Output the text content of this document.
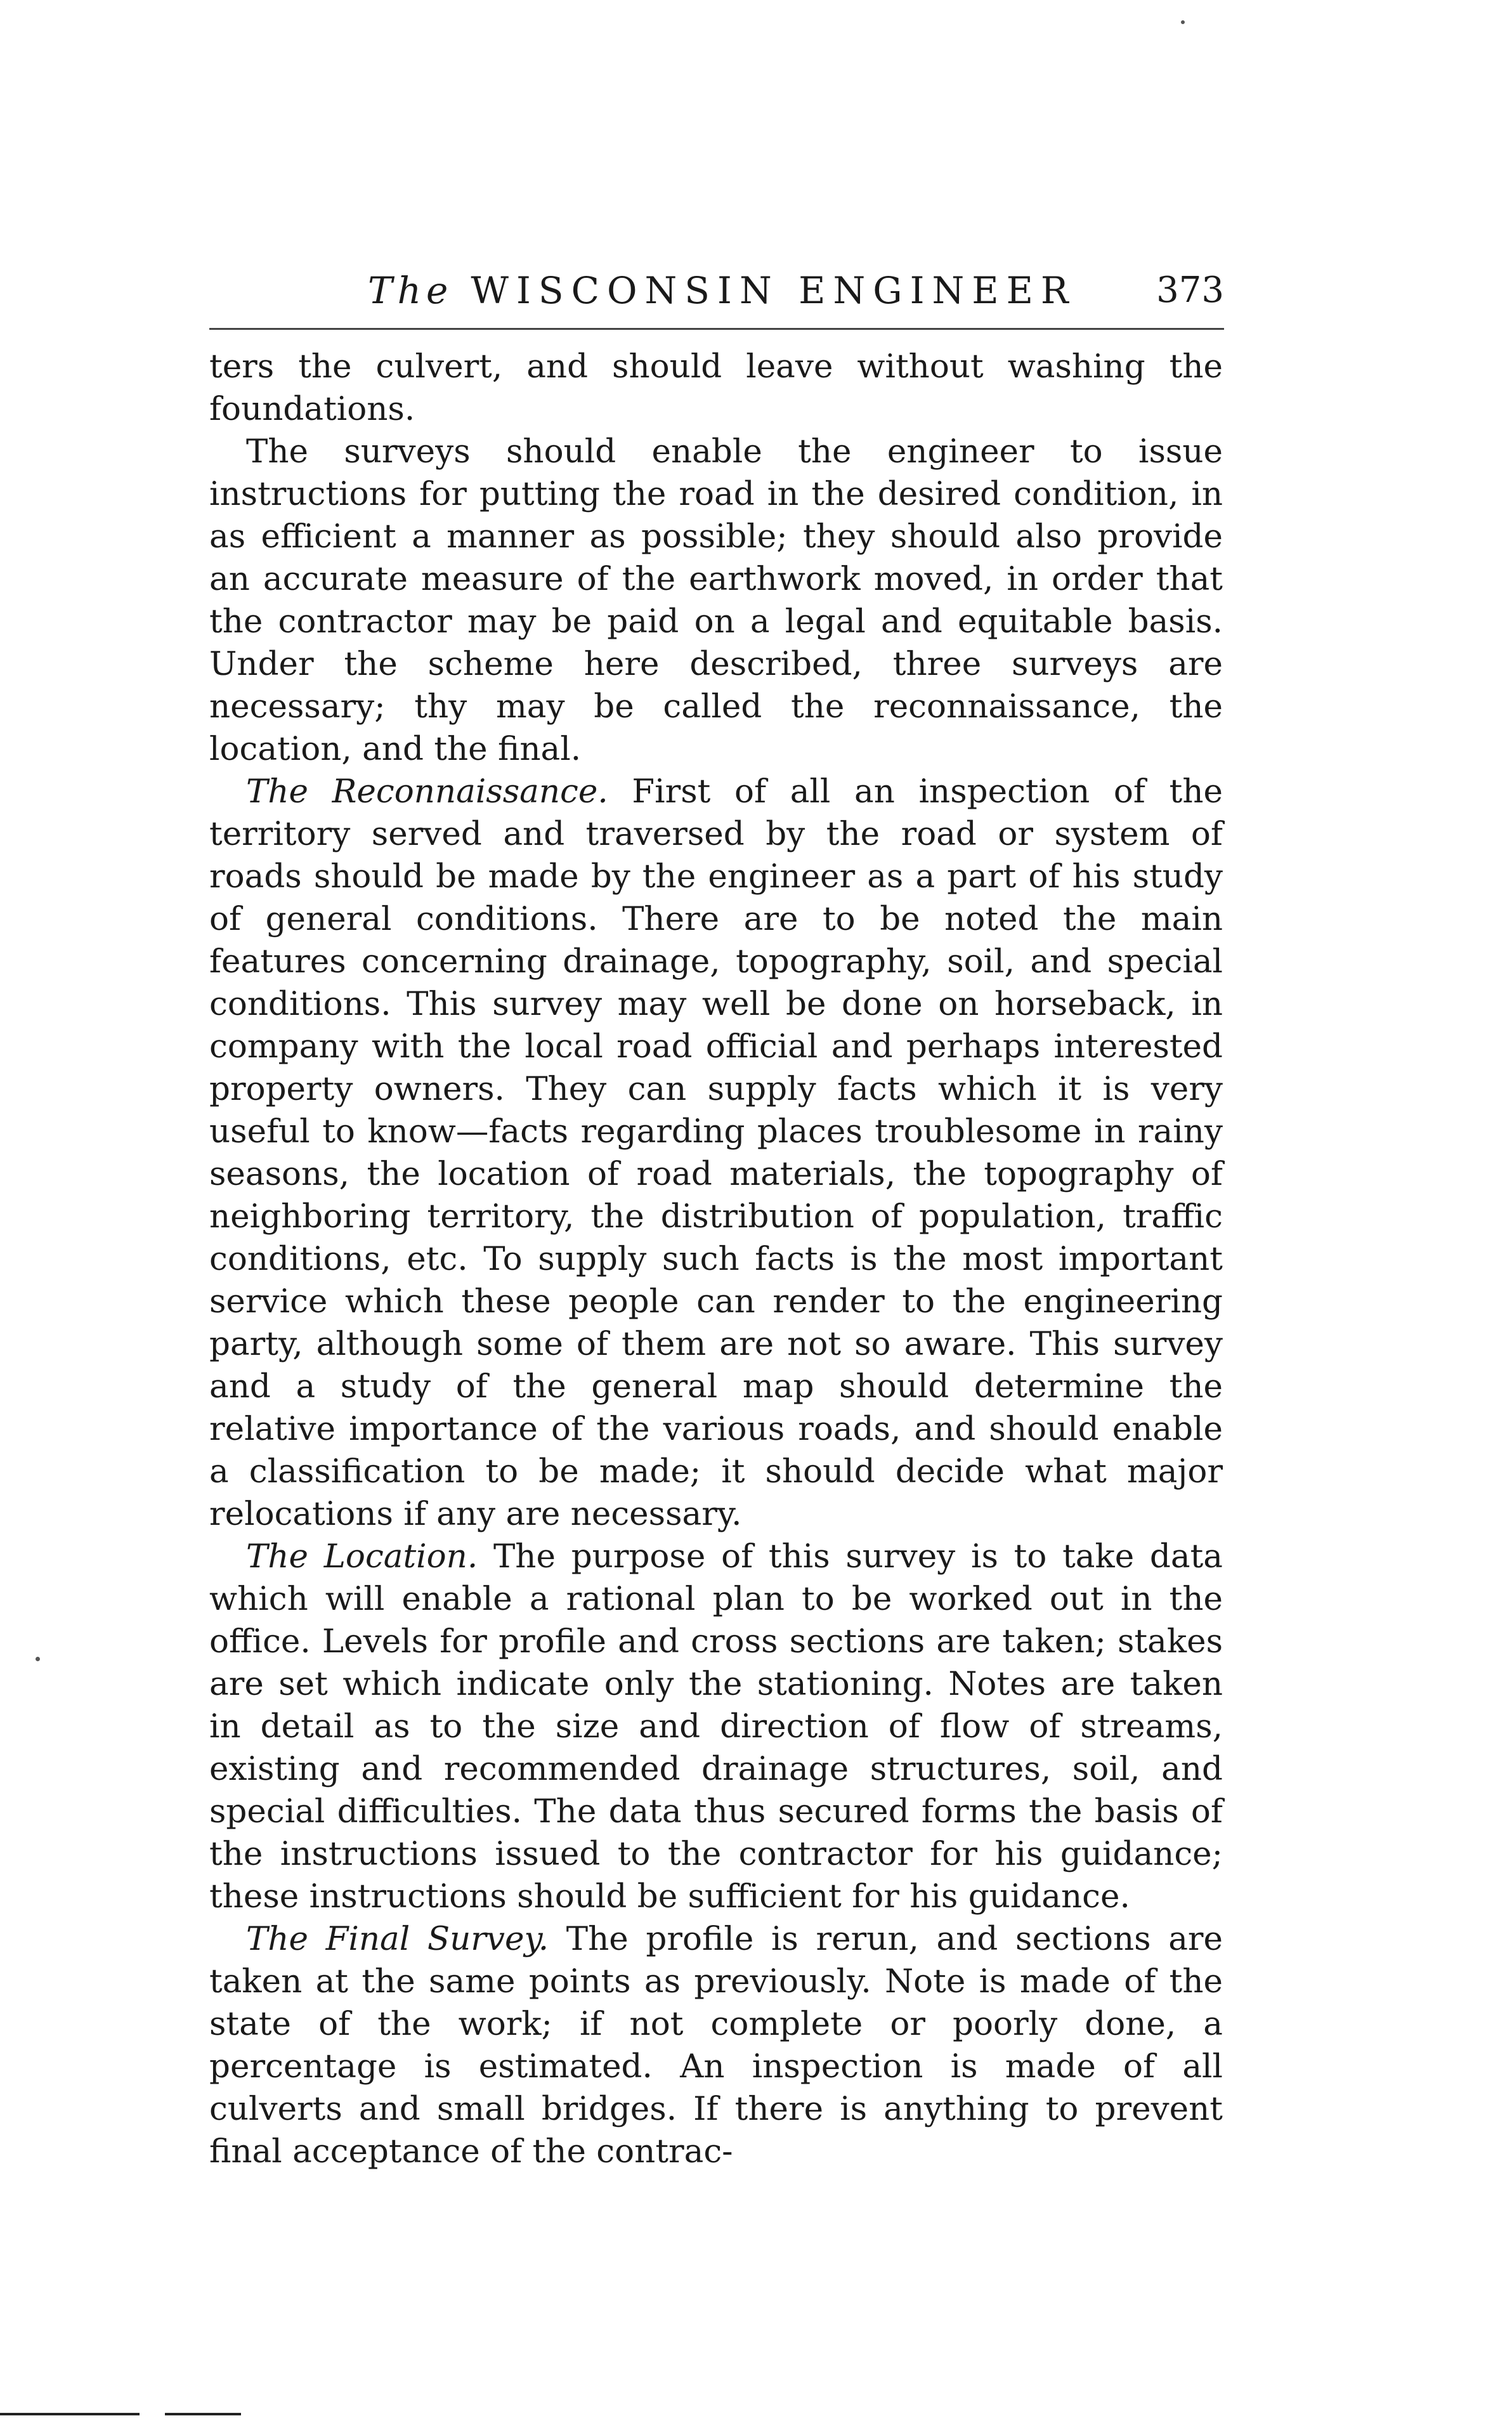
The WISCONSIN ENGINEER 373

ters the culvert, and should leave without washing the foundations.

The surveys should enable the engineer to issue instructions for putting the road in the desired condition, in as efficient a manner as possible; they should also provide an accurate measure of the earthwork moved, in order that the contractor may be paid on a legal and equitable basis. Under the scheme here described, three surveys are necessary; thy may be called the reconnaissance, the location, and the final.

The Reconnaissance. First of all an inspection of the territory served and traversed by the road or system of roads should be made by the engineer as a part of his study of general conditions. There are to be noted the main features concerning drainage, topography, soil, and special conditions. This survey may well be done on horseback, in company with the local road official and perhaps interested property owners. They can supply facts which it is very useful to know—facts regarding places troublesome in rainy seasons, the location of road materials, the topography of neighboring territory, the distribution of population, traffic conditions, etc. To supply such facts is the most important service which these people can render to the engineering party, although some of them are not so aware. This survey and a study of the general map should determine the relative importance of the various roads, and should enable a classification to be made; it should decide what major relocations if any are necessary.

The Location. The purpose of this survey is to take data which will enable a rational plan to be worked out in the office. Levels for profile and cross sections are taken; stakes are set which indicate only the stationing. Notes are taken in detail as to the size and direction of flow of streams, existing and recommended drainage structures, soil, and special difficulties. The data thus secured forms the basis of the instructions issued to the contractor for his guidance; these instructions should be sufficient for his guidance.

The Final Survey. The profile is rerun, and sections are taken at the same points as previously. Note is made of the state of the work; if not complete or poorly done, a percentage is estimated. An inspection is made of all culverts and small bridges. If there is anything to prevent final acceptance of the contrac-
